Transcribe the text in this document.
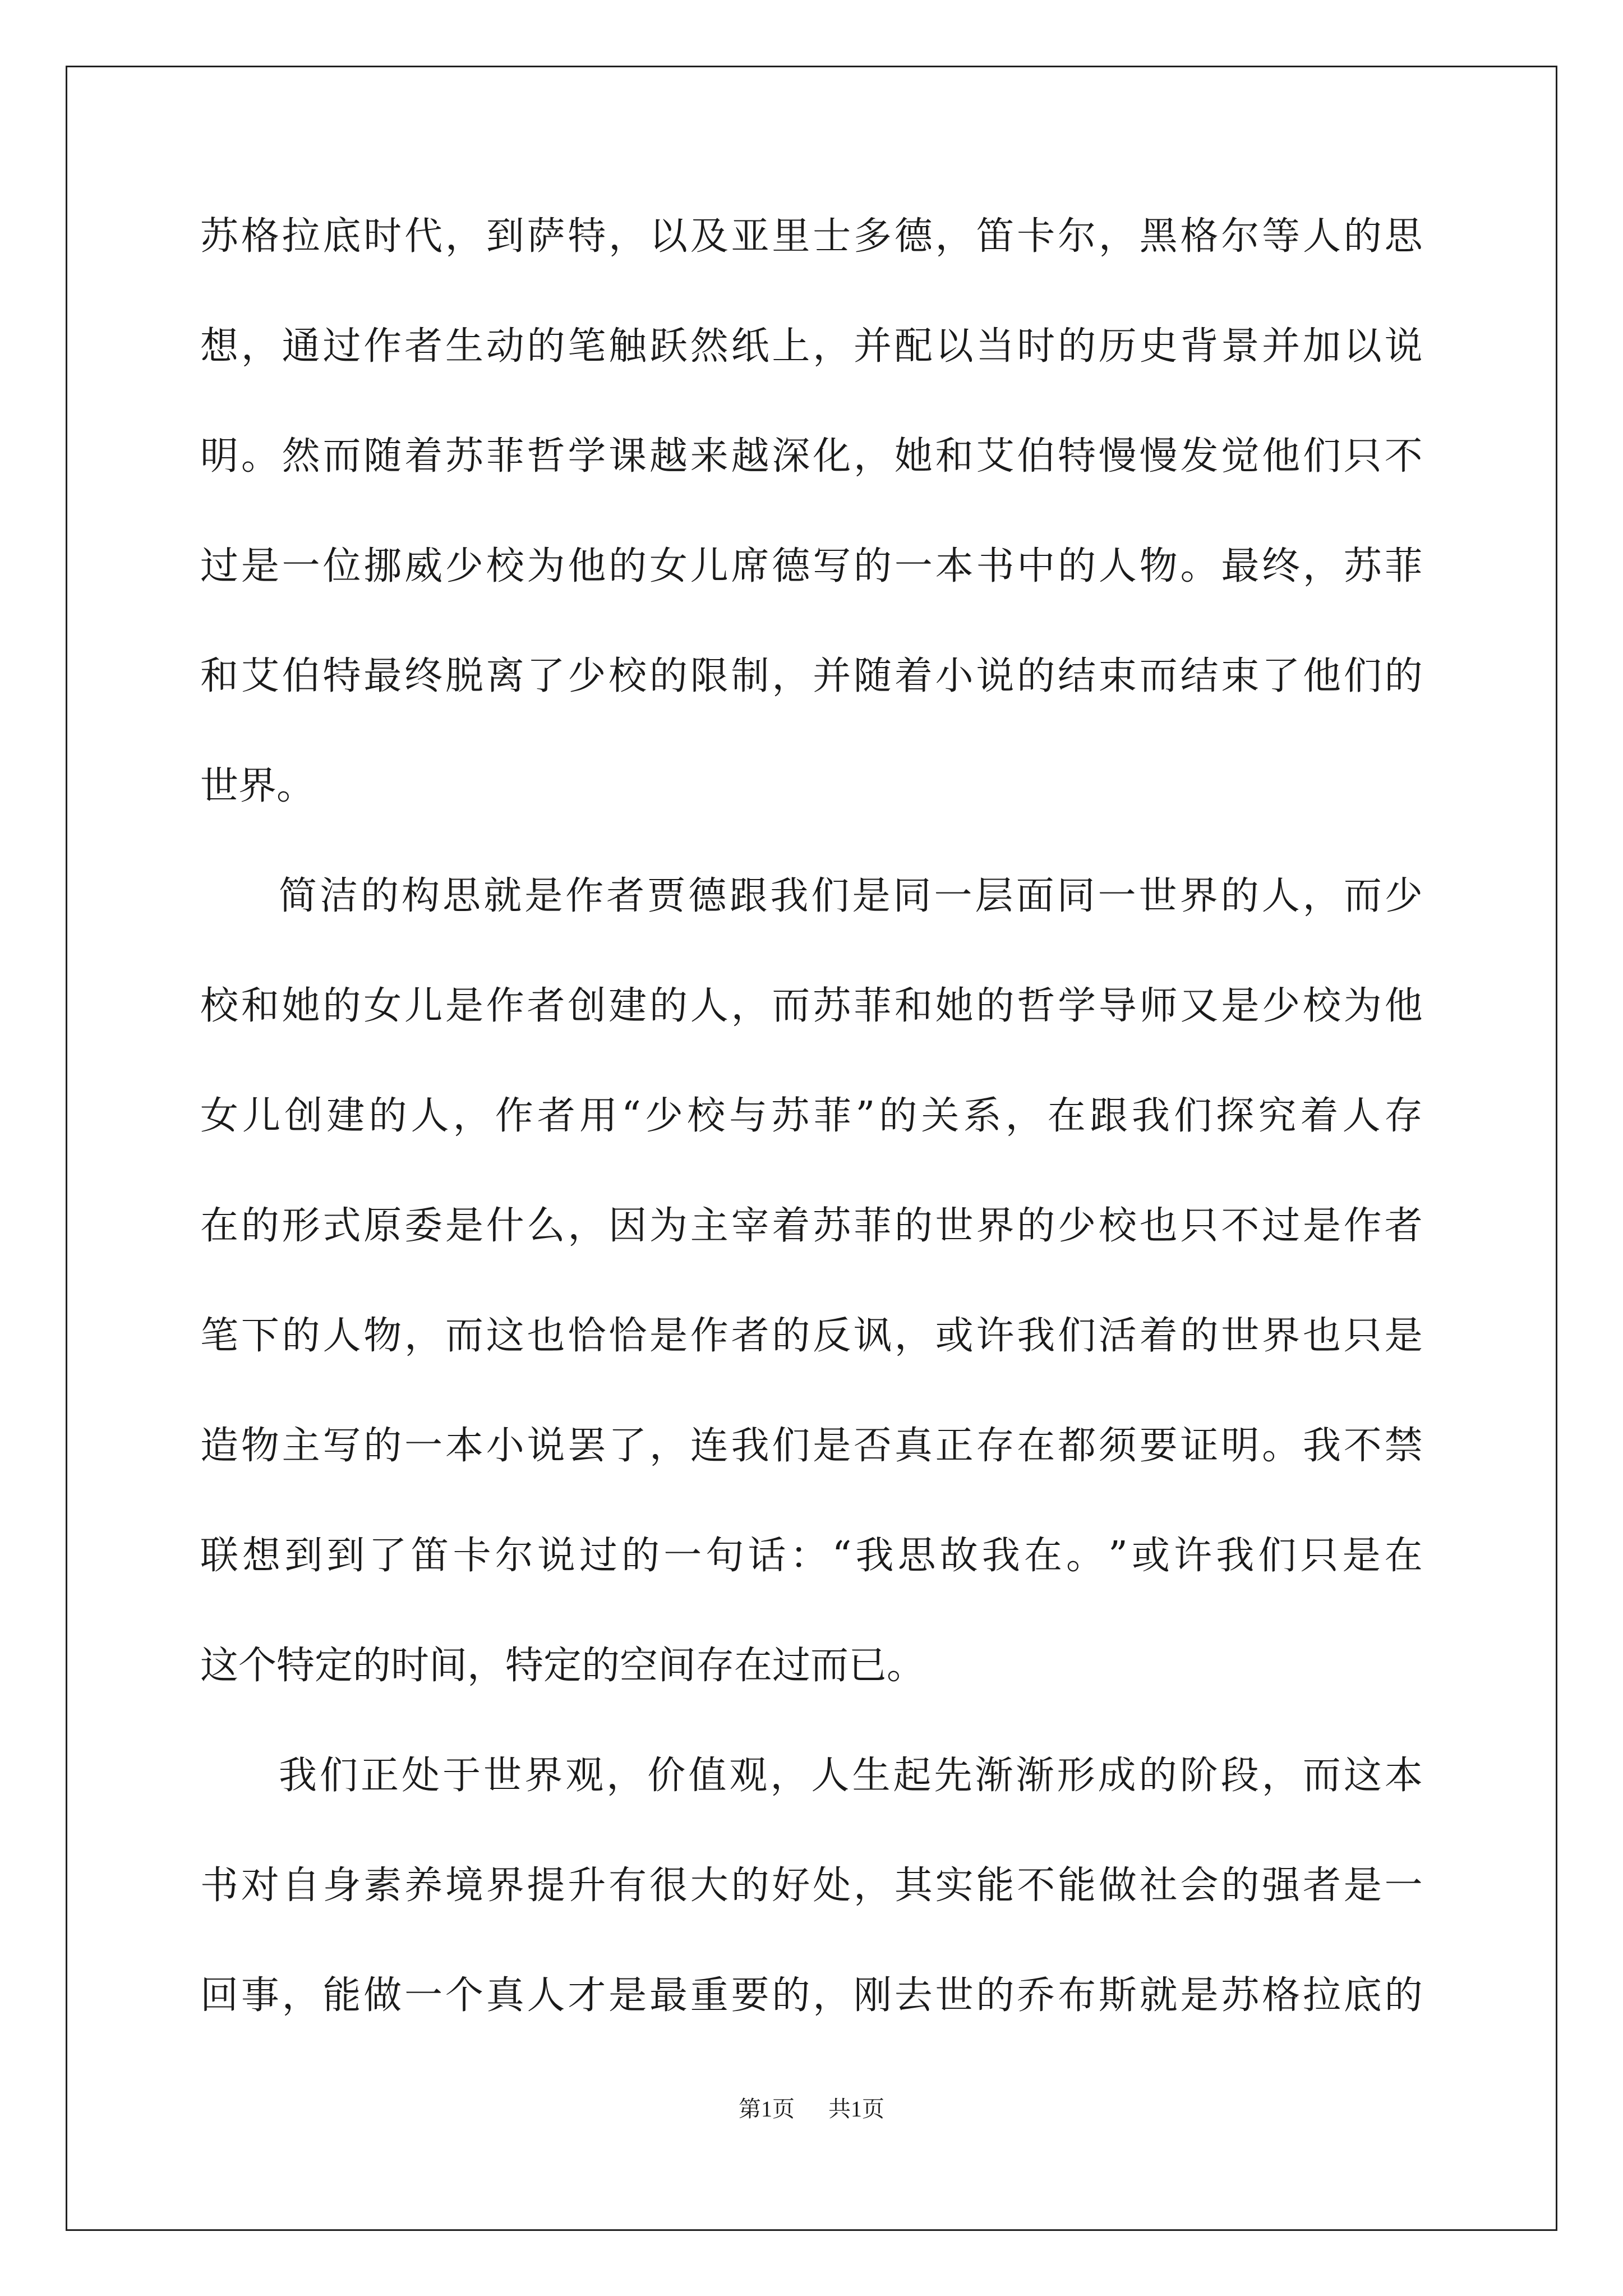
苏 格 拉 底 时 代 ， 到 萨 特 ， 以 及 亚 里 士 多 德 ， 笛 卡 尔 ， 黑 格 尔 等 人 的 思
想 ， 通 过 作 者 生 动 的 笔 触 跃 然 纸 上 ， 并 配 以 当 时 的 历 史 背 景 并 加 以 说
明 。 然 而 随 着 苏 菲 哲 学 课 越 来 越 深 化 ， 她 和 艾 伯 特 慢 慢 发 觉 他 们 只 不
过 是 一 位 挪 威 少 校 为 他 的 女 儿 席 德 写 的 一 本 书 中 的 人 物 。 最 终 ， 苏 菲
和 艾 伯 特 最 终 脱 离 了 少 校 的 限 制 ， 并 随 着 小 说 的 结 束 而 结 束 了 他 们 的
世界。
简 洁 的 构 思 就 是 作 者 贾 德 跟 我 们 是 同 一 层 面 同 一 世 界 的 人 ， 而 少
校 和 她 的 女 儿 是 作 者 创 建 的 人 ， 而 苏 菲 和 她 的 哲 学 导 师 又 是 少 校 为 他
女 儿 创 建 的 人 ， 作 者 用 “ 少 校 与 苏 菲 ” 的 关 系 ， 在 跟 我 们 探 究 着 人 存
在 的 形 式 原 委 是 什 么 ， 因 为 主 宰 着 苏 菲 的 世 界 的 少 校 也 只 不 过 是 作 者
笔 下 的 人 物 ， 而 这 也 恰 恰 是 作 者 的 反 讽 ， 或 许 我 们 活 着 的 世 界 也 只 是
造 物 主 写 的 一 本 小 说 罢 了 ， 连 我 们 是 否 真 正 存 在 都 须 要 证 明 。 我 不 禁
联 想 到 到 了 笛 卡 尔 说 过 的 一 句 话 ： “ 我 思 故 我 在 。 ” 或 许 我 们 只 是 在
这个特定的时间，特定的空间存在过而已。
我 们 正 处 于 世 界 观 ， 价 值 观 ， 人 生 起 先 渐 渐 形 成 的 阶 段 ， 而 这 本
书 对 自 身 素 养 境 界 提 升 有 很 大 的 好 处 ， 其 实 能 不 能 做 社 会 的 强 者 是 一
回 事 ， 能 做 一 个 真 人 才 是 最 重 要 的 ， 刚 去 世 的 乔 布 斯 就 是 苏 格 拉 底 的
第1页 共1页
